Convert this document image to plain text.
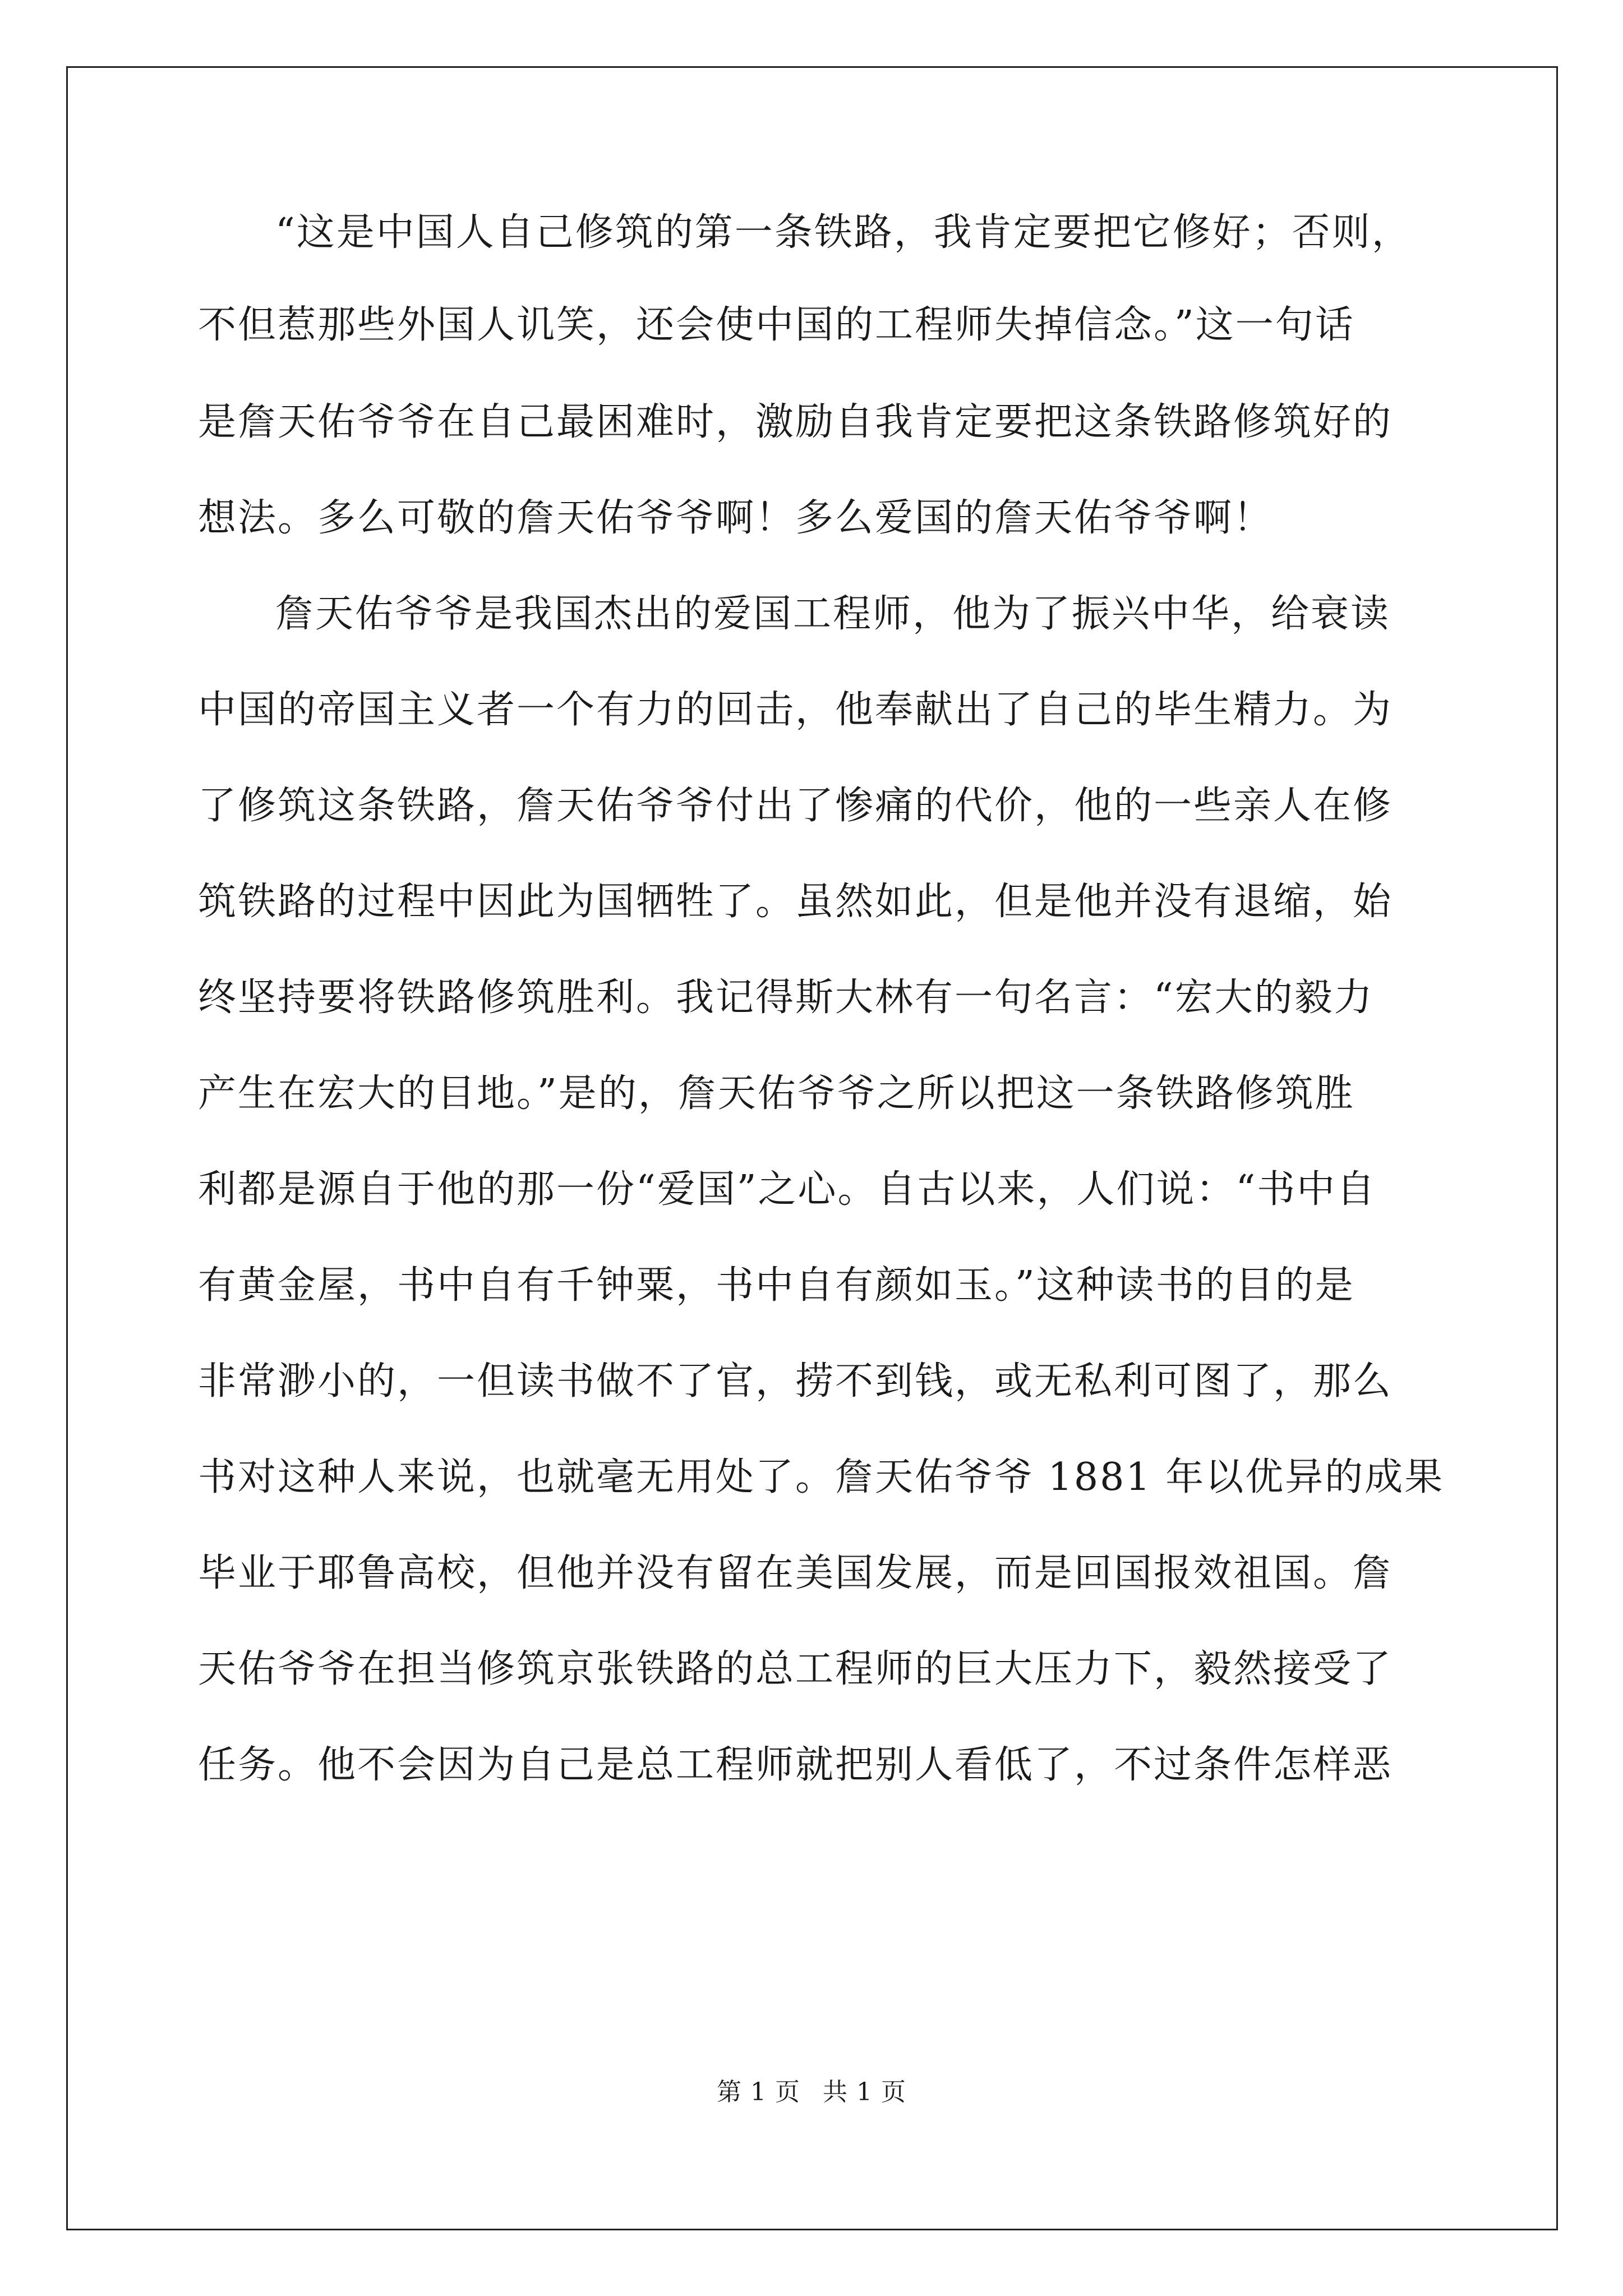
“这是中国人自己修筑的第一条铁路，我肯定要把它修好；否则，
不但惹那些外国人讥笑，还会使中国的工程师失掉信念。”这一句话
是詹天佑爷爷在自己最困难时，激励自我肯定要把这条铁路修筑好的
想法。多么可敬的詹天佑爷爷啊！多么爱国的詹天佑爷爷啊！
詹天佑爷爷是我国杰出的爱国工程师，他为了振兴中华，给衰读
中国的帝国主义者一个有力的回击，他奉献出了自己的毕生精力。为
了修筑这条铁路，詹天佑爷爷付出了惨痛的代价，他的一些亲人在修
筑铁路的过程中因此为国牺牲了。虽然如此，但是他并没有退缩，始
终坚持要将铁路修筑胜利。我记得斯大林有一句名言：“宏大的毅力
产生在宏大的目地。”是的，詹天佑爷爷之所以把这一条铁路修筑胜
利都是源自于他的那一份“爱国”之心。自古以来，人们说：“书中自
有黄金屋，书中自有千钟粟，书中自有颜如玉。”这种读书的目的是
非常渺小的，一但读书做不了官，捞不到钱，或无私利可图了，那么
书对这种人来说，也就毫无用处了。詹天佑爷爷 1881 年以优异的成果
毕业于耶鲁高校，但他并没有留在美国发展，而是回国报效祖国。詹
天佑爷爷在担当修筑京张铁路的总工程师的巨大压力下，毅然接受了
任务。他不会因为自己是总工程师就把别人看低了，不过条件怎样恶
第 1 页 共 1 页
